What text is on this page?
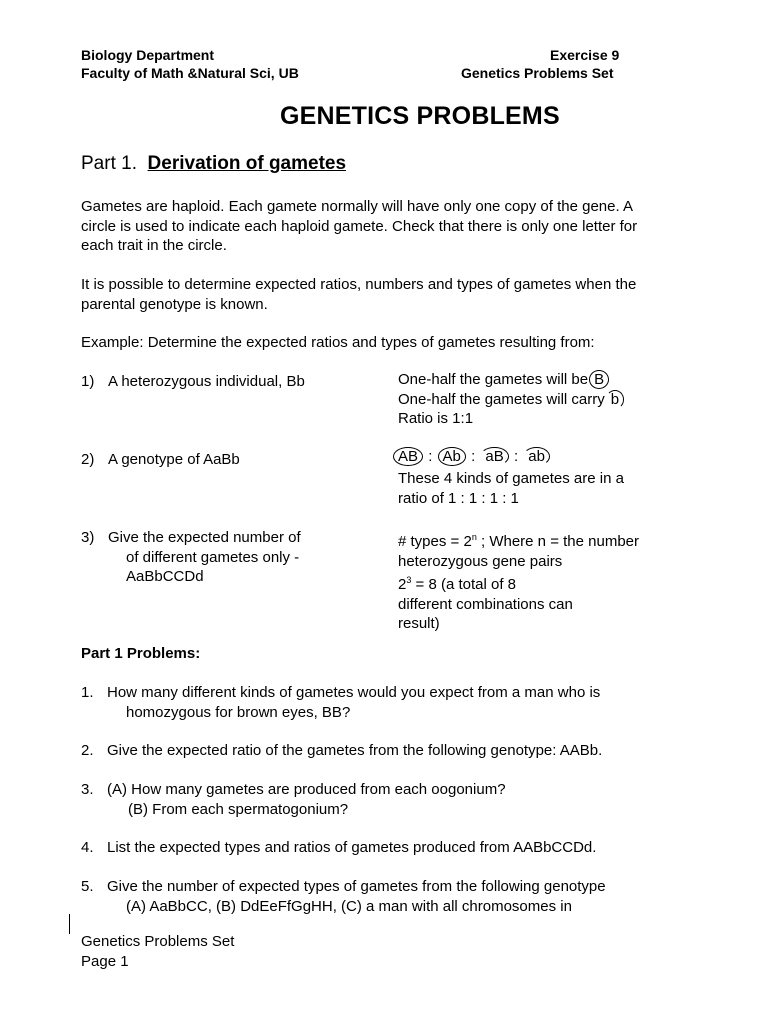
Biology Department
Faculty of Math &Natural Sci, UB
Exercise 9
Genetics Problems Set
GENETICS PROBLEMS
Part 1. Derivation of gametes
Gametes are haploid. Each gamete normally will have only one copy of the gene. A
circle is used to indicate each haploid gamete. Check that there is only one letter for
each trait in the circle.
It is possible to determine expected ratios, numbers and types of gametes when the
parental genotype is known.
Example: Determine the expected ratios and types of gametes resulting from:
1) A heterozygous individual, Bb	One-half the gametes will be B
One-half the gametes will carry b
Ratio is 1:1
2) A genotype of AaBb	AB : Ab : aB : ab
These 4 kinds of gametes are in a
ratio of 1 : 1 : 1 : 1
3) Give the expected number of
of different gametes only -
AaBbCCDd
# types = $2^n$ ; Where n = the number
heterozygous gene pairs
$2^3 = 8$ (a total of 8
different combinations can
result)
Part 1 Problems:
1. How many different kinds of gametes would you expect from a man who is
homozygous for brown eyes, BB?
2. Give the expected ratio of the gametes from the following genotype: AABb.
3. (A) How many gametes are produced from each oogonium?
(B) From each spermatogonium?
4. List the expected types and ratios of gametes produced from AABbCCDd.
5. Give the number of expected types of gametes from the following genotype
(A) AaBbCC, (B) DdEeFfGgHH, (C) a man with all chromosomes in
Genetics Problems Set
Page 1
